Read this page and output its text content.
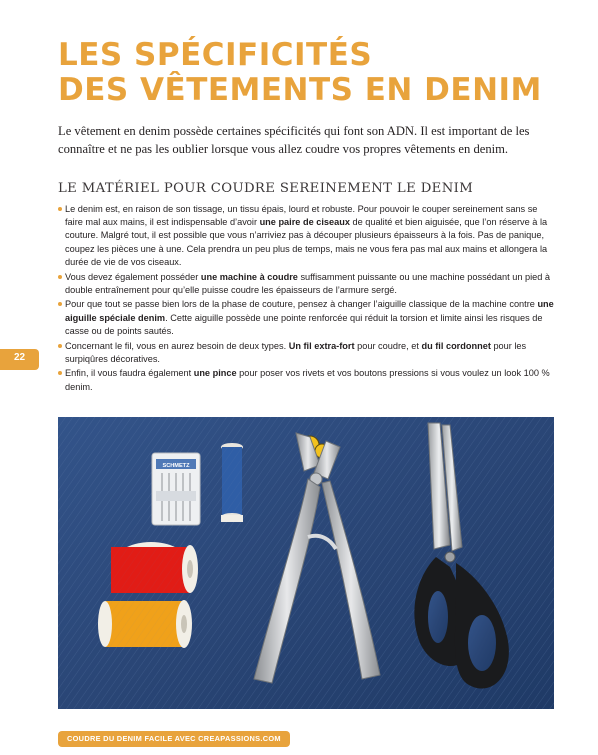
LES SPÉCIFICITÉS
DES VÊTEMENTS EN DENIM

Le vêtement en denim possède certaines spécificités qui font son ADN. Il est important de les connaître et ne pas les oublier lorsque vous allez coudre vos propres vêtements en denim.

LE MATÉRIEL POUR COUDRE SEREINEMENT LE DENIM
Le denim est, en raison de son tissage, un tissu épais, lourd et robuste. Pour pouvoir le couper sereinement sans se faire mal aux mains, il est indispensable d’avoir une paire de ciseaux de qualité et bien aiguisée, que l’on réserve à la couture. Malgré tout, il est possible que vous n’arriviez pas à découper plusieurs épaisseurs à la fois. Pas de panique, coupez les pièces une à une. Cela prendra un peu plus de temps, mais ne vous fera pas mal aux mains et allongera la durée de vie de vos ciseaux.
Vous devez également posséder une machine à coudre suffisamment puissante ou une machine possédant un pied à double entraînement pour qu’elle puisse coudre les épaisseurs de l’armure sergé.
Pour que tout se passe bien lors de la phase de couture, pensez à changer l’aiguille classique de la machine contre une aiguille spéciale denim. Cette aiguille possède une pointe renforcée qui réduit la torsion et limite ainsi les risques de casse ou de points sautés.
Concernant le fil, vous en aurez besoin de deux types. Un fil extra-fort pour coudre, et du fil cordonnet pour les surpiqûres décoratives.
Enfin, il vous faudra également une pince pour poser vos rivets et vos boutons pressions si vous voulez un look 100 % denim.
22
SCHMETZ
COUDRE DU DENIM FACILE AVEC CREAPASSIONS.COM
